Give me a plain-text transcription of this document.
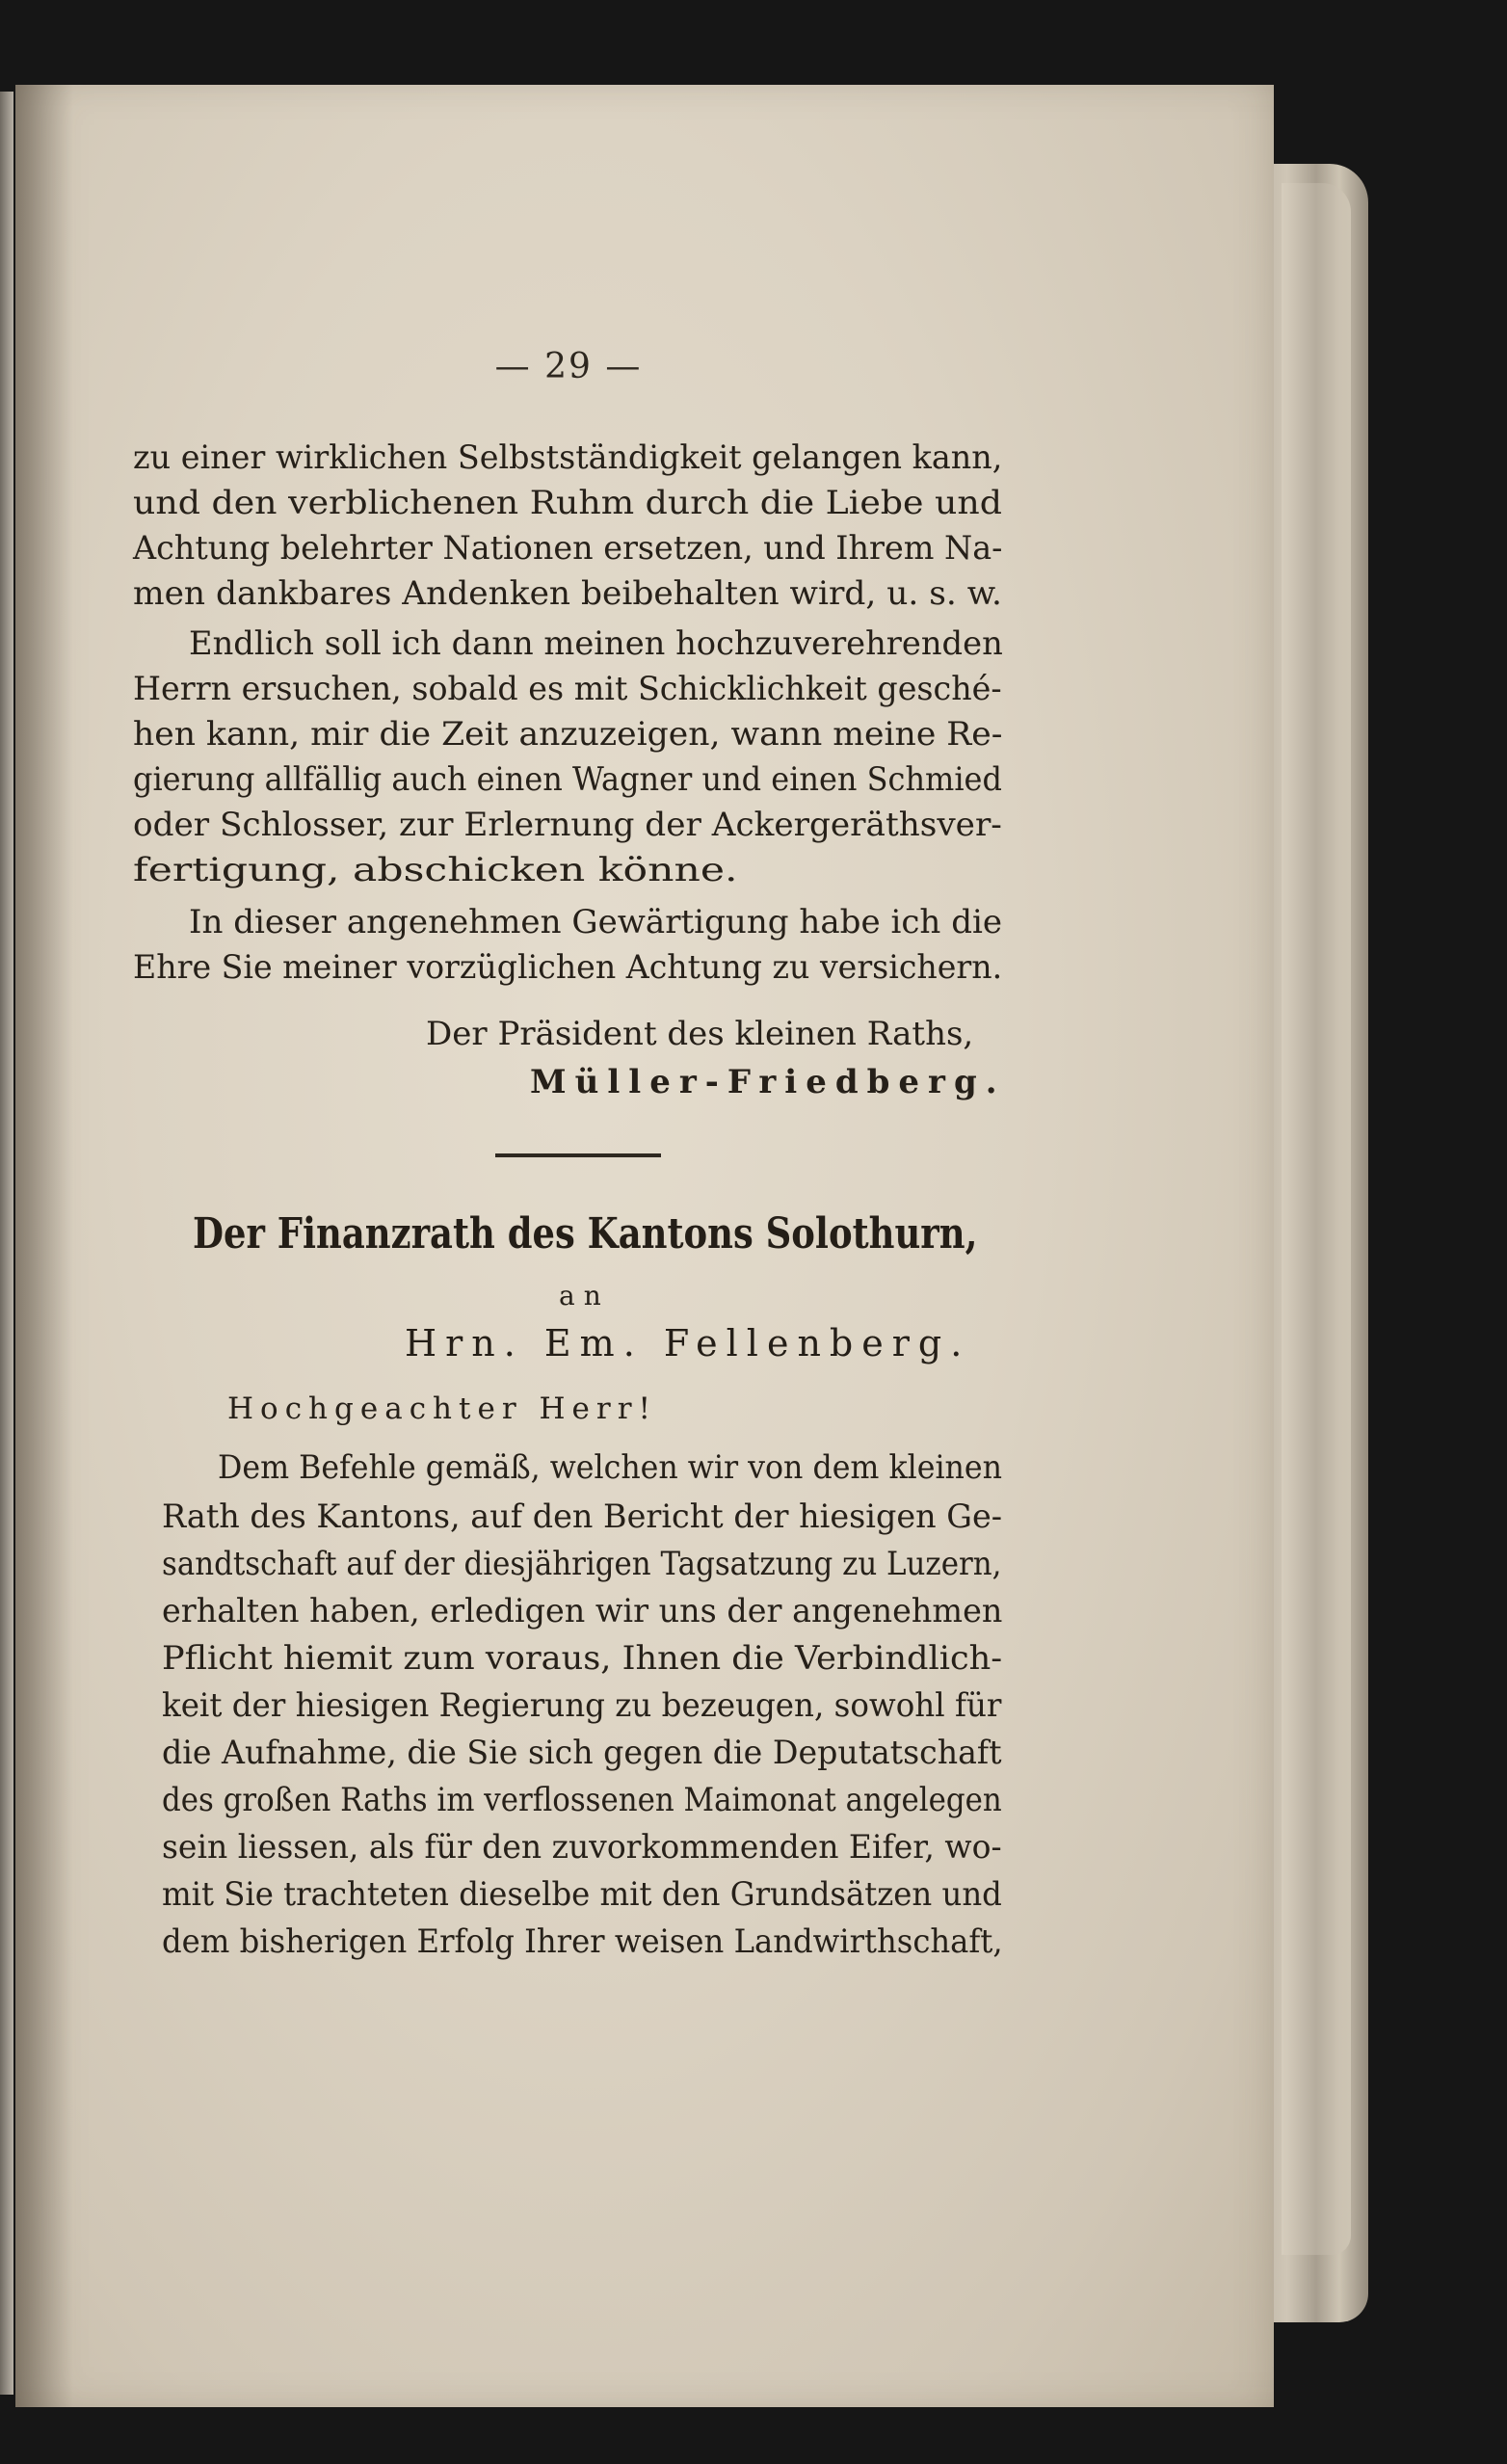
— 29 —
zu einer wirklichen Selbstständigkeit gelangen kann,
und den verblichenen Ruhm durch die Liebe und
Achtung belehrter Nationen ersetzen, und Ihrem Na-
men dankbares Andenken beibehalten wird, u. s. w.
Endlich soll ich dann meinen hochzuverehrenden
Herrn ersuchen, sobald es mit Schicklichkeit gesché-
hen kann, mir die Zeit anzuzeigen, wann meine Re-
gierung allfällig auch einen Wagner und einen Schmied
oder Schlosser, zur Erlernung der Ackergeräthsver-
fertigung, abschicken könne.
In dieser angenehmen Gewärtigung habe ich die
Ehre Sie meiner vorzüglichen Achtung zu versichern.
Der Präsident des kleinen Raths,
Müller-Friedberg.
Der Finanzrath des Kantons Solothurn,
an
Hrn. Em. Fellenberg.
Hochgeachter Herr!
Dem Befehle gemäß, welchen wir von dem kleinen
Rath des Kantons, auf den Bericht der hiesigen Ge-
sandtschaft auf der diesjährigen Tagsatzung zu Luzern,
erhalten haben, erledigen wir uns der angenehmen
Pflicht hiemit zum voraus, Ihnen die Verbindlich-
keit der hiesigen Regierung zu bezeugen, sowohl für
die Aufnahme, die Sie sich gegen die Deputatschaft
des großen Raths im verflossenen Maimonat angelegen
sein liessen, als für den zuvorkommenden Eifer, wo-
mit Sie trachteten dieselbe mit den Grundsätzen und
dem bisherigen Erfolg Ihrer weisen Landwirthschaft,
